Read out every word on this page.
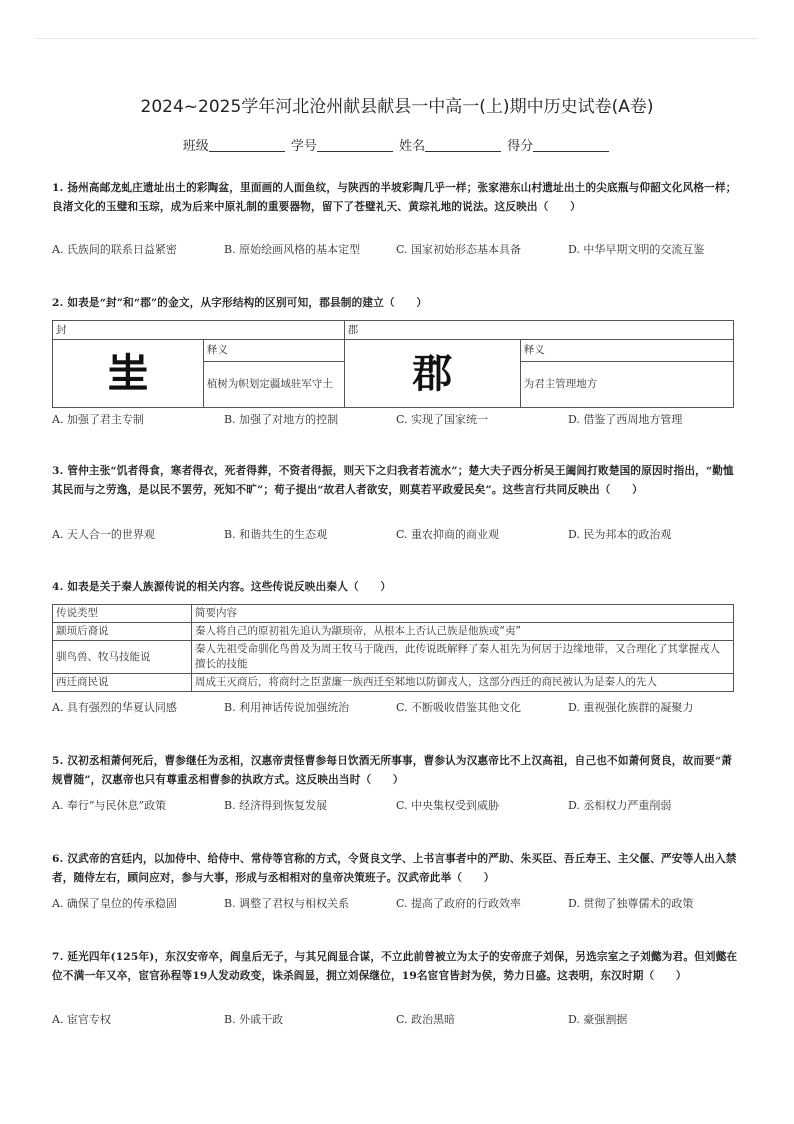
2024~2025学年河北沧州献县献县一中高一(上)期中历史试卷(A卷)
班级	学号	姓名	得分
1. 扬州高邮龙虬庄遗址出土的彩陶盆，里面画的人面鱼纹，与陕西的半坡彩陶几乎一样；张家港东山村遗址出土的尖底瓶与仰韶文化风格一样；良渚文化的玉璧和玉琮，成为后来中原礼制的重要器物，留下了苍璧礼天、黄琮礼地的说法。这反映出（　　）
A. 氏族间的联系日益紧密	B. 原始绘画风格的基本定型	C. 国家初始形态基本具备	D. 中华早期文明的交流互鉴
2. 如表是“封”和“郡”的金文，从字形结构的区别可知，郡县制的建立（　　）
封		郡	
𡉚	释义	郡	释义
	植树为帜划定疆域驻军守土		为君主管理地方
A. 加强了君主专制	B. 加强了对地方的控制	C. 实现了国家统一	D. 借鉴了西周地方管理
3. 管仲主张“饥者得食，寒者得衣，死者得葬，不资者得振，则天下之归我者若流水”；楚大夫子西分析吴王阖闾打败楚国的原因时指出，“勤恤其民而与之劳逸，是以民不罢劳，死知不旷”；荀子提出“故君人者欲安，则莫若平政爱民矣”。这些言行共同反映出（　　）
A. 天人合一的世界观	B. 和谐共生的生态观	C. 重农抑商的商业观	D. 民为邦本的政治观
4. 如表是关于秦人族源传说的相关内容。这些传说反映出秦人（　　）
传说类型	简要内容
颛顼后裔说	秦人将自己的原初祖先追认为颛顼帝，从根本上否认己族是他族或“夷”
驯鸟兽、牧马技能说	秦人先祖受命驯化鸟兽及为周王牧马于陇西，此传说既解释了秦人祖先为何居于边缘地带，又合理化了其掌握戎人擅长的技能
西迁商民说	周成王灭商后，将商纣之臣蜚廉一族西迁至邾地以防御戎人，这部分西迁的商民被认为是秦人的先人
A. 具有强烈的华夏认同感	B. 利用神话传说加强统治	C. 不断吸收借鉴其他文化	D. 重视强化族群的凝聚力
5. 汉初丞相萧何死后，曹参继任为丞相，汉惠帝责怪曹参每日饮酒无所事事，曹参认为汉惠帝比不上汉高祖，自己也不如萧何贤良，故而要“萧规曹随”，汉惠帝也只有尊重丞相曹参的执政方式。这反映出当时（　　）
A. 奉行“与民休息”政策	B. 经济得到恢复发展	C. 中央集权受到威胁	D. 丞相权力严重削弱
6. 汉武帝的宫廷内，以加侍中、给侍中、常侍等官称的方式，令贤良文学、上书言事者中的严助、朱买臣、吾丘寿王、主父偃、严安等人出入禁者，随侍左右，顾问应对，参与大事，形成与丞相相对的皇帝决策班子。汉武帝此举（　　）
A. 确保了皇位的传承稳固	B. 调整了君权与相权关系	C. 提高了政府的行政效率	D. 贯彻了独尊儒术的政策
7. 延光四年(125年)，东汉安帝卒，阎皇后无子，与其兄阎显合谋，不立此前曾被立为太子的安帝庶子刘保，另选宗室之子刘懿为君。但刘懿在位不满一年又卒，宦官孙程等19人发动政变，诛杀阎显，拥立刘保继位，19名宦官皆封为侯，势力日盛。这表明，东汉时期（　　）
A. 宦官专权	B. 外戚干政	C. 政治黑暗	D. 豪强割据
